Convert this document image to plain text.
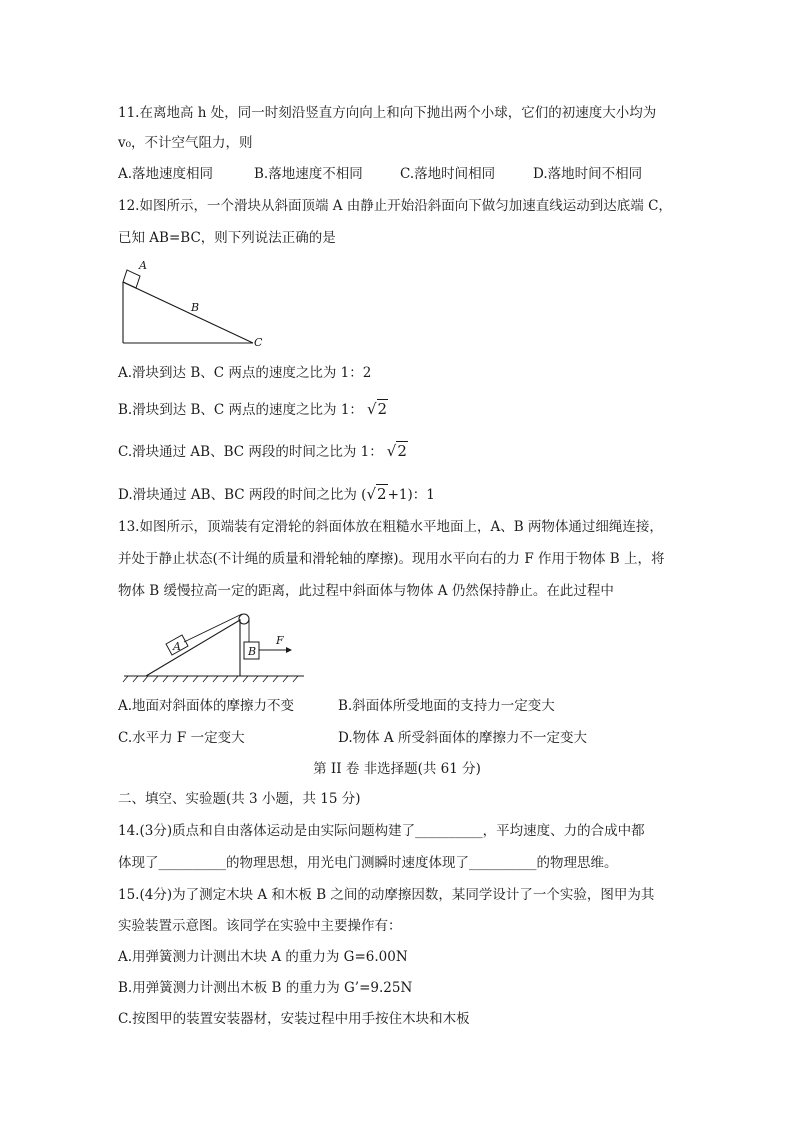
11.在离地高 h 处，同一时刻沿竖直方向向上和向下抛出两个小球，它们的初速度大小均为
v₀，不计空气阻力，则
A.落地速度相同	B.落地速度不相同	C.落地时间相同	D.落地时间不相同
12.如图所示，一个滑块从斜面顶端 A 由静止开始沿斜面向下做匀加速直线运动到达底端 C，
已知 AB=BC，则下列说法正确的是
A
B
C
A.滑块到达 B、C 两点的速度之比为 1：2
B.滑块到达 B、C 两点的速度之比为 1： √2
C.滑块通过 AB、BC 两段的时间之比为 1： √2
D.滑块通过 AB、BC 两段的时间之比为 (√2+1)：1
13.如图所示，顶端装有定滑轮的斜面体放在粗糙水平地面上，A、B 两物体通过细绳连接，
并处于静止状态(不计绳的质量和滑轮轴的摩擦)。现用水平向右的力 F 作用于物体 B 上，将
物体 B 缓慢拉高一定的距离，此过程中斜面体与物体 A 仍然保持静止。在此过程中
A	B
F
A.地面对斜面体的摩擦力不变	B.斜面体所受地面的支持力一定变大
C.水平力 F 一定变大	D.物体 A 所受斜面体的摩擦力不一定变大
第 II 卷 非选择题(共 61 分)
二、填空、实验题(共 3 小题，共 15 分)
14.(3分)质点和自由落体运动是由实际问题构建了__________，平均速度、力的合成中都
体现了__________的物理思想，用光电门测瞬时速度体现了__________的物理思维。
15.(4分)为了测定木块 A 和木板 B 之间的动摩擦因数，某同学设计了一个实验，图甲为其
实验装置示意图。该同学在实验中主要操作有：
A.用弹簧测力计测出木块 A 的重力为 G=6.00N
B.用弹簧测力计测出木板 B 的重力为 G’=9.25N
C.按图甲的装置安装器材，安装过程中用手按住木块和木板
